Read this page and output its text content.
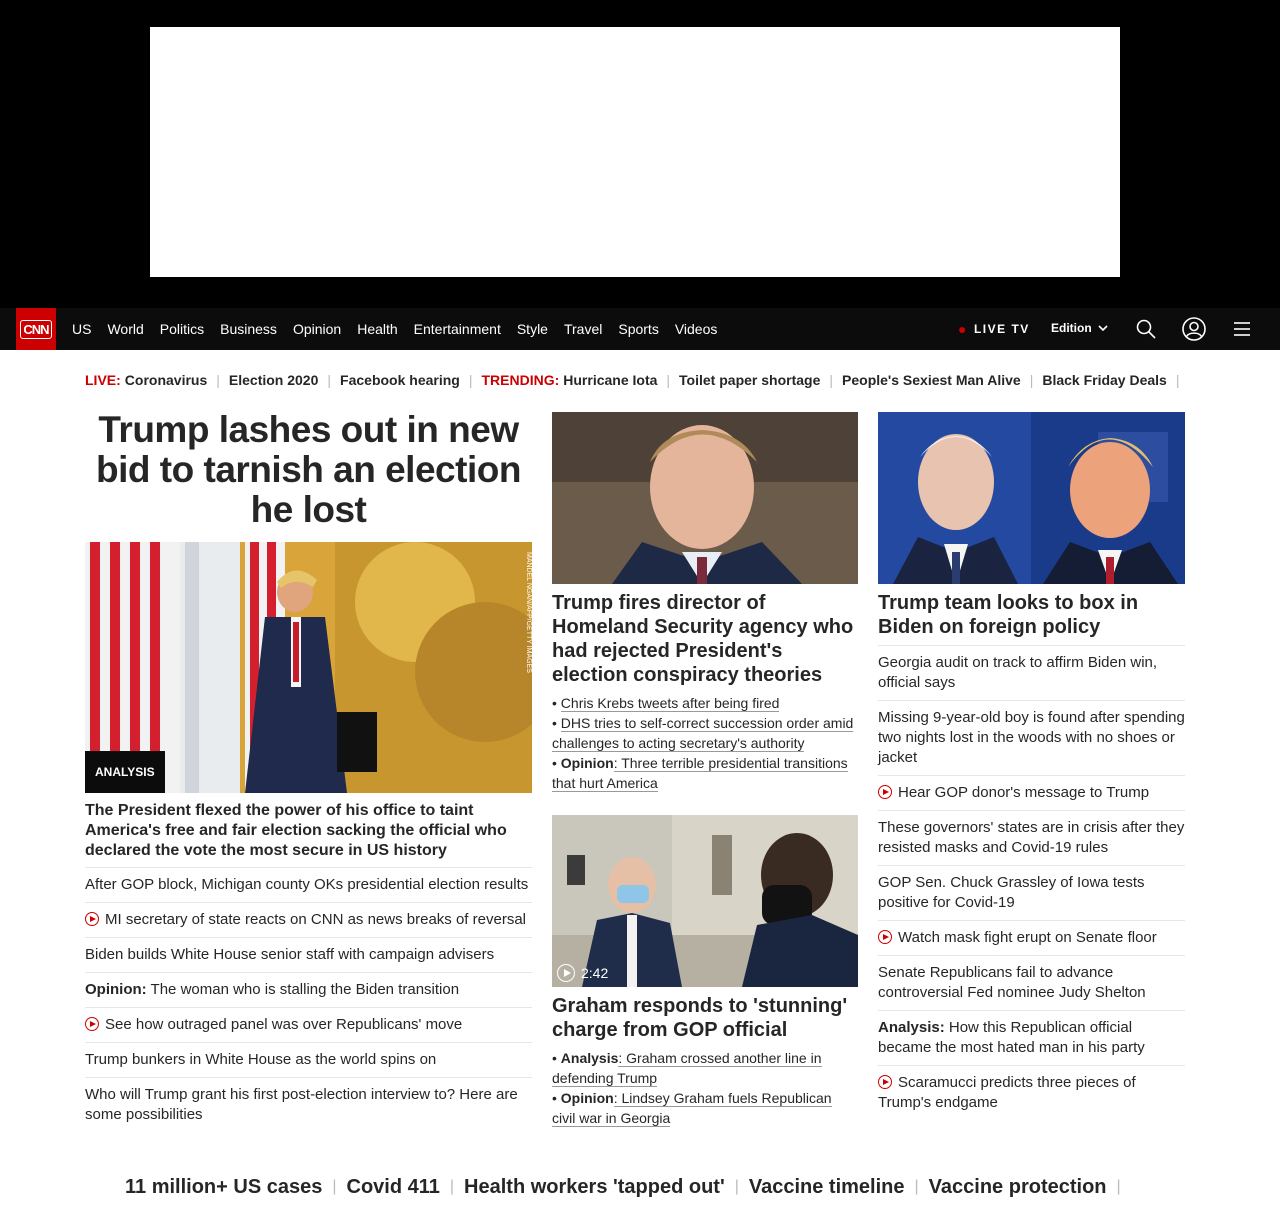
CNN US World Politics Business Opinion Health Entertainment Style Travel Sports Videos	● LIVE TV Edition
LIVE: Coronavirus | Election 2020 | Facebook hearing | TRENDING: Hurricane Iota | Toilet paper shortage | People's Sexiest Man Alive | Black Friday Deals |
Trump lashes out in new bid to tarnish an election he lost
MANDEL NGAN/AFP/GETTY IMAGES
ANALYSIS
The President flexed the power of his office to taint America's free and fair election sacking the official who declared the vote the most secure in US history
After GOP block, Michigan county OKs presidential election results
MI secretary of state reacts on CNN as news breaks of reversal
Biden builds White House senior staff with campaign advisers
Opinion: The woman who is stalling the Biden transition
See how outraged panel was over Republicans' move
Trump bunkers in White House as the world spins on
Who will Trump grant his first post-election interview to? Here are some possibilities
Trump fires director of Homeland Security agency who had rejected President's election conspiracy theories
• Chris Krebs tweets after being fired
• DHS tries to self-correct succession order amid challenges to acting secretary's authority
• Opinion: Three terrible presidential transitions that hurt America
2:42
Graham responds to 'stunning' charge from GOP official
• Analysis: Graham crossed another line in defending Trump
• Opinion: Lindsey Graham fuels Republican civil war in Georgia
Trump team looks to box in Biden on foreign policy
Georgia audit on track to affirm Biden win, official says
Missing 9-year-old boy is found after spending two nights lost in the woods with no shoes or jacket
Hear GOP donor's message to Trump
These governors' states are in crisis after they resisted masks and Covid-19 rules
GOP Sen. Chuck Grassley of Iowa tests positive for Covid-19
Watch mask fight erupt on Senate floor
Senate Republicans fail to advance controversial Fed nominee Judy Shelton
Analysis: How this Republican official became the most hated man in his party
Scaramucci predicts three pieces of Trump's endgame
11 million+ US cases | Covid 411 | Health workers 'tapped out' | Vaccine timeline | Vaccine protection |
